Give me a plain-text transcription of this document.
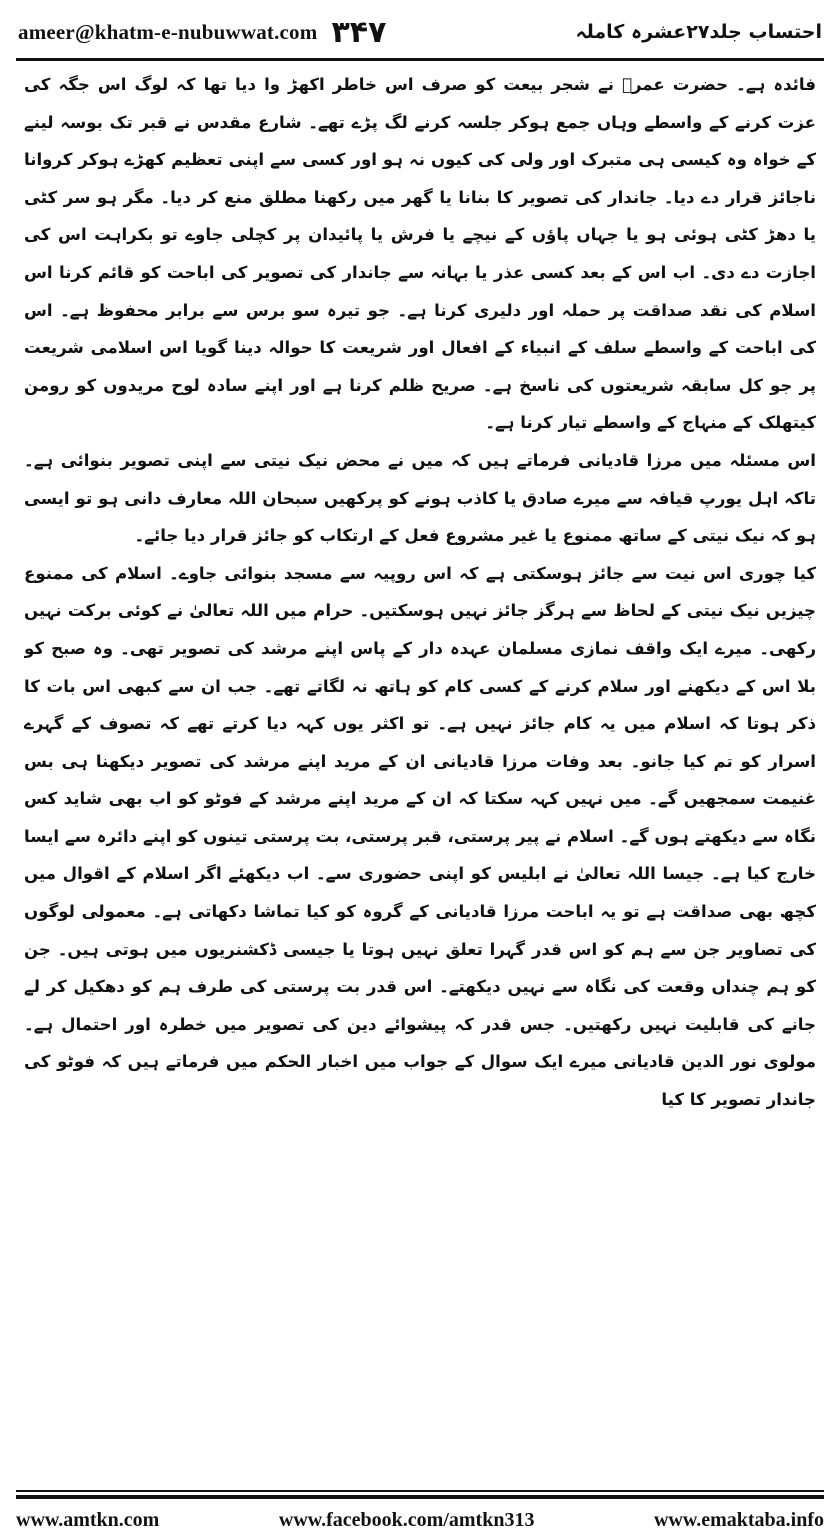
ameer@khatm-e-nubuwwat.com ۳۴۷	احتساب جلد۲۷عشرہ کاملہ

فائدہ ہے۔ حضرت عمرؓ نے شجر بیعت کو صرف اس خاطر اکھڑ وا دیا تھا کہ لوگ اس جگہ کی عزت کرنے کے واسطے وہاں جمع ہوکر جلسہ کرنے لگ پڑے تھے۔ شارع مقدس نے قبر تک بوسہ لینے کے خواہ وہ کیسی ہی متبرک اور ولی کی کیوں نہ ہو اور کسی سے اپنی تعظیم کھڑے ہوکر کروانا ناجائز قرار دے دیا۔ جاندار کی تصویر کا بنانا یا گھر میں رکھنا مطلق منع کر دیا۔ مگر ہو سر کٹی یا دھڑ کٹی ہوئی ہو یا جہاں پاؤں کے نیچے یا فرش یا پائیدان پر کچلی جاوے تو بکراہت اس کی اجازت دے دی۔ اب اس کے بعد کسی عذر یا بہانہ سے جاندار کی تصویر کی اباحت کو قائم کرنا اس اسلام کی نقد صداقت پر حملہ اور دلیری کرنا ہے۔ جو تیرہ سو برس سے برابر محفوظ ہے۔ اس کی اباحت کے واسطے سلف کے انبیاء کے افعال اور شریعت کا حوالہ دینا گویا اس اسلامی شریعت پر جو کل سابقہ شریعتوں کی ناسخ ہے۔ صریح ظلم کرنا ہے اور اپنے سادہ لوح مریدوں کو رومن کیتھلک کے منہاج کے واسطے تیار کرنا ہے۔

اس مسئلہ میں مرزا قادیانی فرماتے ہیں کہ میں نے محض نیک نیتی سے اپنی تصویر بنوائی ہے۔ تاکہ اہل یورپ قیافہ سے میرے صادق یا کاذب ہونے کو پرکھیں سبحان اللہ معارف دانی ہو تو ایسی ہو کہ نیک نیتی کے ساتھ ممنوع یا غیر مشروع فعل کے ارتکاب کو جائز قرار دیا جائے۔

کیا چوری اس نیت سے جائز ہوسکتی ہے کہ اس روپیہ سے مسجد بنوائی جاوے۔ اسلام کی ممنوع چیزیں نیک نیتی کے لحاظ سے ہرگز جائز نہیں ہوسکتیں۔ حرام میں اللہ تعالیٰ نے کوئی برکت نہیں رکھی۔ میرے ایک واقف نمازی مسلمان عہدہ دار کے پاس اپنے مرشد کی تصویر تھی۔ وہ صبح کو بلا اس کے دیکھنے اور سلام کرنے کے کسی کام کو ہاتھ نہ لگاتے تھے۔ جب ان سے کبھی اس بات کا ذکر ہوتا کہ اسلام میں یہ کام جائز نہیں ہے۔ تو اکثر یوں کہہ دیا کرتے تھے کہ تصوف کے گہرے اسرار کو تم کیا جانو۔ بعد وفات مرزا قادیانی ان کے مرید اپنے مرشد کی تصویر دیکھنا ہی بس غنیمت سمجھیں گے۔ میں نہیں کہہ سکتا کہ ان کے مرید اپنے مرشد کے فوٹو کو اب بھی شاید کس نگاہ سے دیکھتے ہوں گے۔ اسلام نے پیر پرستی، قبر پرستی، بت پرستی تینوں کو اپنے دائرہ سے ایسا خارج کیا ہے۔ جیسا اللہ تعالیٰ نے ابلیس کو اپنی حضوری سے۔ اب دیکھئے اگر اسلام کے اقوال میں کچھ بھی صداقت ہے تو یہ اباحت مرزا قادیانی کے گروہ کو کیا تماشا دکھاتی ہے۔ معمولی لوگوں کی تصاویر جن سے ہم کو اس قدر گہرا تعلق نہیں ہوتا یا جیسی ڈکشنریوں میں ہوتی ہیں۔ جن کو ہم چنداں وقعت کی نگاہ سے نہیں دیکھتے۔ اس قدر بت پرستی کی طرف ہم کو دھکیل کر لے جانے کی قابلیت نہیں رکھتیں۔ جس قدر کہ پیشوائے دین کی تصویر میں خطرہ اور احتمال ہے۔ مولوی نور الدین قادیانی میرے ایک سوال کے جواب میں اخبار الحکم میں فرماتے ہیں کہ فوٹو کی جاندار تصویر کا کیا

www.amtkn.com	www.facebook.com/amtkn313	www.emaktaba.info
